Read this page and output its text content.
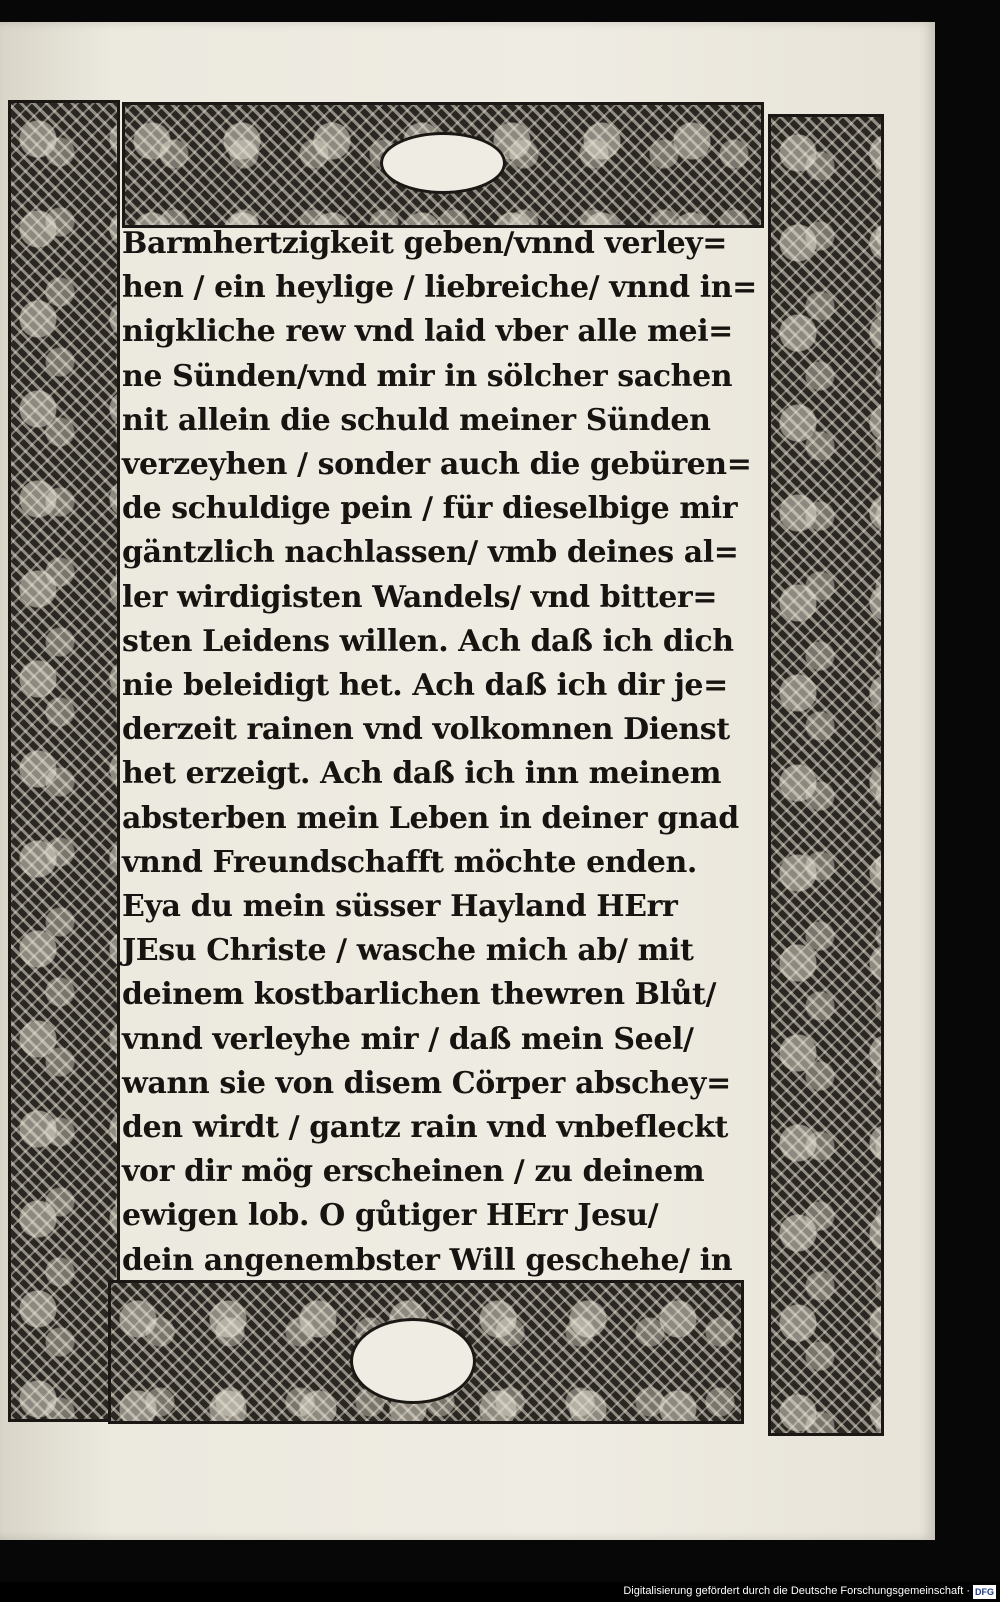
Barmhertzigkeit geben/vnnd verley=
hen / ein heylige / liebreiche/ vnnd in=
nigkliche rew vnd laid vber alle mei=
ne Sünden/vnd mir in sölcher sachen
nit allein die schuld meiner Sünden
verzeyhen / sonder auch die gebüren=
de schuldige pein / für dieselbige mir
gäntzlich nachlassen/ vmb deines al=
ler wirdigisten Wandels/ vnd bitter=
sten Leidens willen. Ach daß ich dich
nie beleidigt het. Ach daß ich dir je=
derzeit rainen vnd volkomnen Dienst
het erzeigt. Ach daß ich inn meinem
absterben mein Leben in deiner gnad
vnnd Freundschafft möchte enden.
Eya du mein süsser Hayland HErr
JEsu Christe / wasche mich ab/ mit
deinem kostbarlichen thewren Blůt/
vnnd verleyhe mir / daß mein Seel/
wann sie von disem Cörper abschey=
den wirdt / gantz rain vnd vnbefleckt
vor dir mög erscheinen / zu deinem
ewigen lob. O gůtiger HErr Jesu/
dein angenembster Will geschehe/ in
Digitalisierung gefördert durch die Deutsche Forschungsgemeinschaft · DFG
